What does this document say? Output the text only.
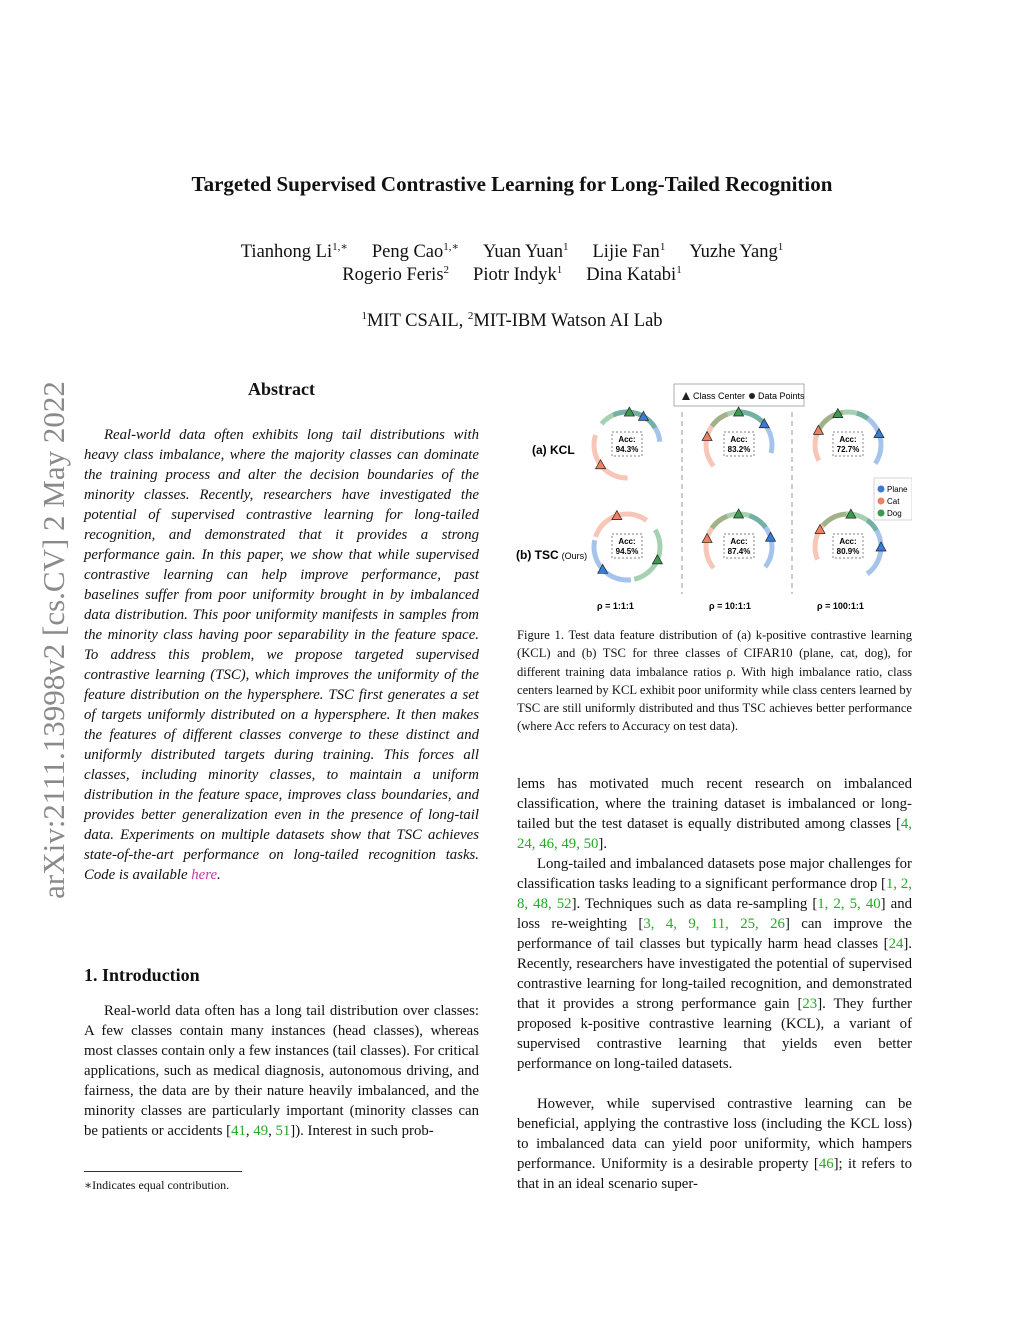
Targeted Supervised Contrastive Learning for Long-Tailed Recognition
Tianhong $Li^{1,∗}$ Peng Cao$^{1,∗}$ Yuan Yuan$^1$ Lijie Fan$^1$ Yuzhe Yang$^1$
Rogerio Feris$^2$ Piotr Indyk$^1$ Dina Katabi$^1$
$^1$MIT CSAIL, $^2$MIT-IBM Watson AI Lab
arXiv:2111.13998v2 [cs.CV] 2 May 2022	Abstract

Real-world data often exhibits long tail distributions with heavy class imbalance, where the majority classes can dominate the training process and alter the decision boundaries of the minority classes. Recently, researchers have investigated the potential of supervised contrastive learning for long-tailed recognition, and demonstrated that it provides a strong performance gain. In this paper, we show that while supervised contrastive learning can help improve performance, past baselines suffer from poor uniformity brought in by imbalanced data distribution. This poor uniformity manifests in samples from the minority class having poor separability in the feature space. To address this problem, we propose targeted supervised contrastive learning (TSC), which improves the uniformity of the feature distribution on the hypersphere. TSC first generates a set of targets uniformly distributed on a hypersphere. It then makes the features of different classes converge to these distinct and uniformly distributed targets during training. This forces all classes, including minority classes, to maintain a uniform distribution in the feature space, improves class boundaries, and provides better generalization even in the presence of long-tail data. Experiments on multiple datasets show that TSC achieves state-of-the-art performance on long-tailed recognition tasks. Code is available here.

1. Introduction

Real-world data often has a long tail distribution over classes: A few classes contain many instances (head classes), whereas most classes contain only a few instances (tail classes). For critical applications, such as medical diagnosis, autonomous driving, and fairness, the data are by their nature heavily imbalanced, and the minority classes are particularly important (minority classes can be patients or accidents [41, 49, 51]). Interest in such prob-

∗Indicates equal contribution.
Class Center Data Points
(a) KCL
(b) TSC (Ours)
Acc:
94.3%
Acc:
94.5%
Acc:
83.2%
Acc:
87.4%
Acc:
72.7%
Acc:
80.9%
Plane
Cat
Dog
ρ = 1:1:1	ρ = 10:1:1	ρ = 100:1:1

Figure 1. Test data feature distribution of (a) k-positive contrastive learning (KCL) and (b) TSC for three classes of CIFAR10 (plane, cat, dog), for different training data imbalance ratios ρ. With high imbalance ratio, class centers learned by KCL exhibit poor uniformity while class centers learned by TSC are still uniformly distributed and thus TSC achieves better performance (where Acc refers to Accuracy on test data).

lems has motivated much recent research on imbalanced classification, where the training dataset is imbalanced or long-tailed but the test dataset is equally distributed among classes [4, 24, 46, 49, 50].

Long-tailed and imbalanced datasets pose major challenges for classification tasks leading to a significant performance drop [1, 2, 8, 48, 52]. Techniques such as data re-sampling [1, 2, 5, 40] and loss re-weighting [3, 4, 9, 11, 25, 26] can improve the performance of tail classes but typically harm head classes [24]. Recently, researchers have investigated the potential of supervised contrastive learning for long-tailed recognition, and demonstrated that it provides a strong performance gain [23]. They further proposed k-positive contrastive learning (KCL), a variant of supervised contrastive learning that yields even better performance on long-tailed datasets.

However, while supervised contrastive learning can be beneficial, applying the contrastive loss (including the KCL loss) to imbalanced data can yield poor uniformity, which hampers performance. Uniformity is a desirable property [46]; it refers to that in an ideal scenario super-
